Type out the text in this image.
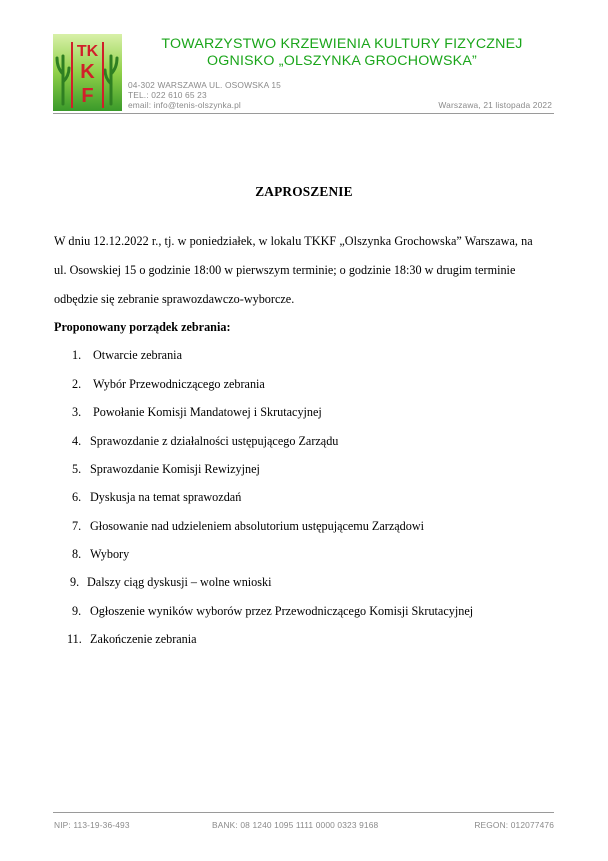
TK
K
F
TOWARZYSTWO KRZEWIENIA KULTURY FIZYCZNEJ
OGNISKO „OLSZYNKA GROCHOWSKA”
04-302 WARSZAWA UL. OSOWSKA 15
TEL.: 022 610 65 23
email: info@tenis-olszynka.pl	Warszawa, 21 listopada 2022
ZAPROSZENIE
W dniu 12.12.2022 r., tj. w poniedziałek, w lokalu TKKF „Olszynka Grochowska” Warszawa, na
ul. Osowskiej 15 o godzinie 18:00 w pierwszym terminie; o godzinie 18:30 w drugim terminie
odbędzie się zebranie sprawozdawczo-wyborcze.
Proponowany porządek zebrania:
1. Otwarcie zebrania
2. Wybór Przewodniczącego zebrania
3. Powołanie Komisji Mandatowej i Skrutacyjnej
4. Sprawozdanie z działalności ustępującego Zarządu
5. Sprawozdanie Komisji Rewizyjnej
6. Dyskusja na temat sprawozdań
7. Głosowanie nad udzieleniem absolutorium ustępującemu Zarządowi
8. Wybory
9. Dalszy ciąg dyskusji – wolne wnioski
9. Ogłoszenie wyników wyborów przez Przewodniczącego Komisji Skrutacyjnej
11. Zakończenie zebrania
NIP: 113-19-36-493	BANK: 08 1240 1095 1111 0000 0323 9168	REGON: 012077476
